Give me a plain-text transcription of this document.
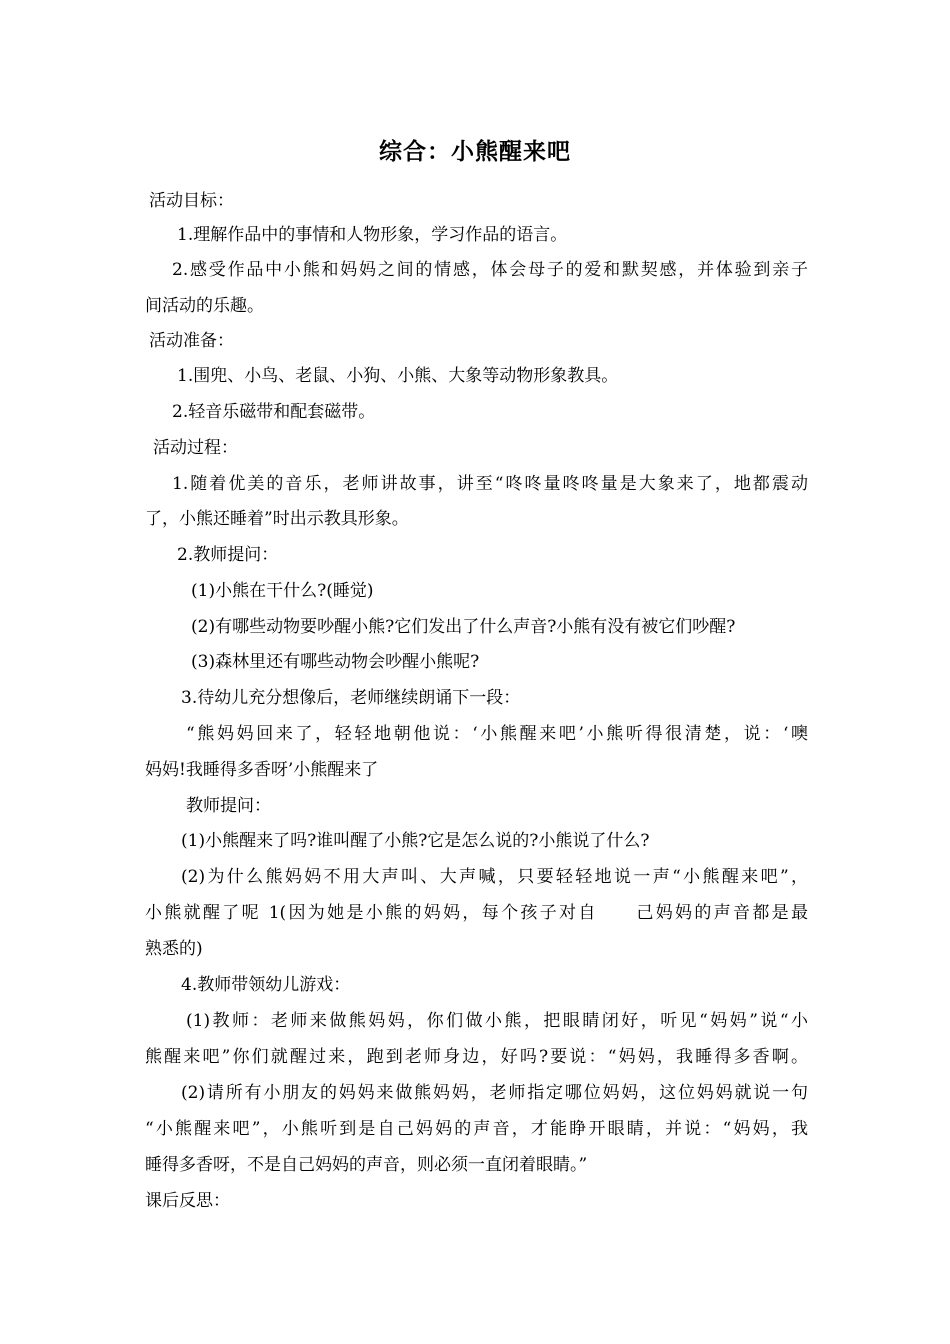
综合：小熊醒来吧
活动目标：
1.理解作品中的事情和人物形象，学习作品的语言。
2.感受作品中小熊和妈妈之间的情感，体会母子的爱和默契感，并体验到亲子
间活动的乐趣。
活动准备：
1.围兜、小鸟、老鼠、小狗、小熊、大象等动物形象教具。
2.轻音乐磁带和配套磁带。
活动过程：
1.随着优美的音乐，老师讲故事，讲至“咚咚量咚咚量是大象来了，地都震动
了，小熊还睡着”时出示教具形象。
2.教师提问：
(1)小熊在干什么?(睡觉)
(2)有哪些动物要吵醒小熊?它们发出了什么声音?小熊有没有被它们吵醒?
(3)森林里还有哪些动物会吵醒小熊呢?
3.待幼儿充分想像后，老师继续朗诵下一段：
“熊妈妈回来了，轻轻地朝他说：‘小熊醒来吧’小熊听得很清楚，说：‘噢
妈妈!我睡得多香呀’小熊醒来了
教师提问：
(1)小熊醒来了吗?谁叫醒了小熊?它是怎么说的?小熊说了什么?
(2)为什么熊妈妈不用大声叫、大声喊，只要轻轻地说一声“小熊醒来吧”，
小熊就醒了呢 1(因为她是小熊的妈妈，每个孩子对自　　己妈妈的声音都是最
熟悉的)
4.教师带领幼儿游戏：
(1)教师：老师来做熊妈妈，你们做小熊，把眼睛闭好，听见“妈妈”说“小
熊醒来吧”你们就醒过来，跑到老师身边，好吗?要说：“妈妈，我睡得多香啊。
(2)请所有小朋友的妈妈来做熊妈妈，老师指定哪位妈妈，这位妈妈就说一句
“小熊醒来吧”，小熊听到是自己妈妈的声音，才能睁开眼睛，并说：“妈妈，我
睡得多香呀，不是自己妈妈的声音，则必须一直闭着眼睛。”
课后反思：
